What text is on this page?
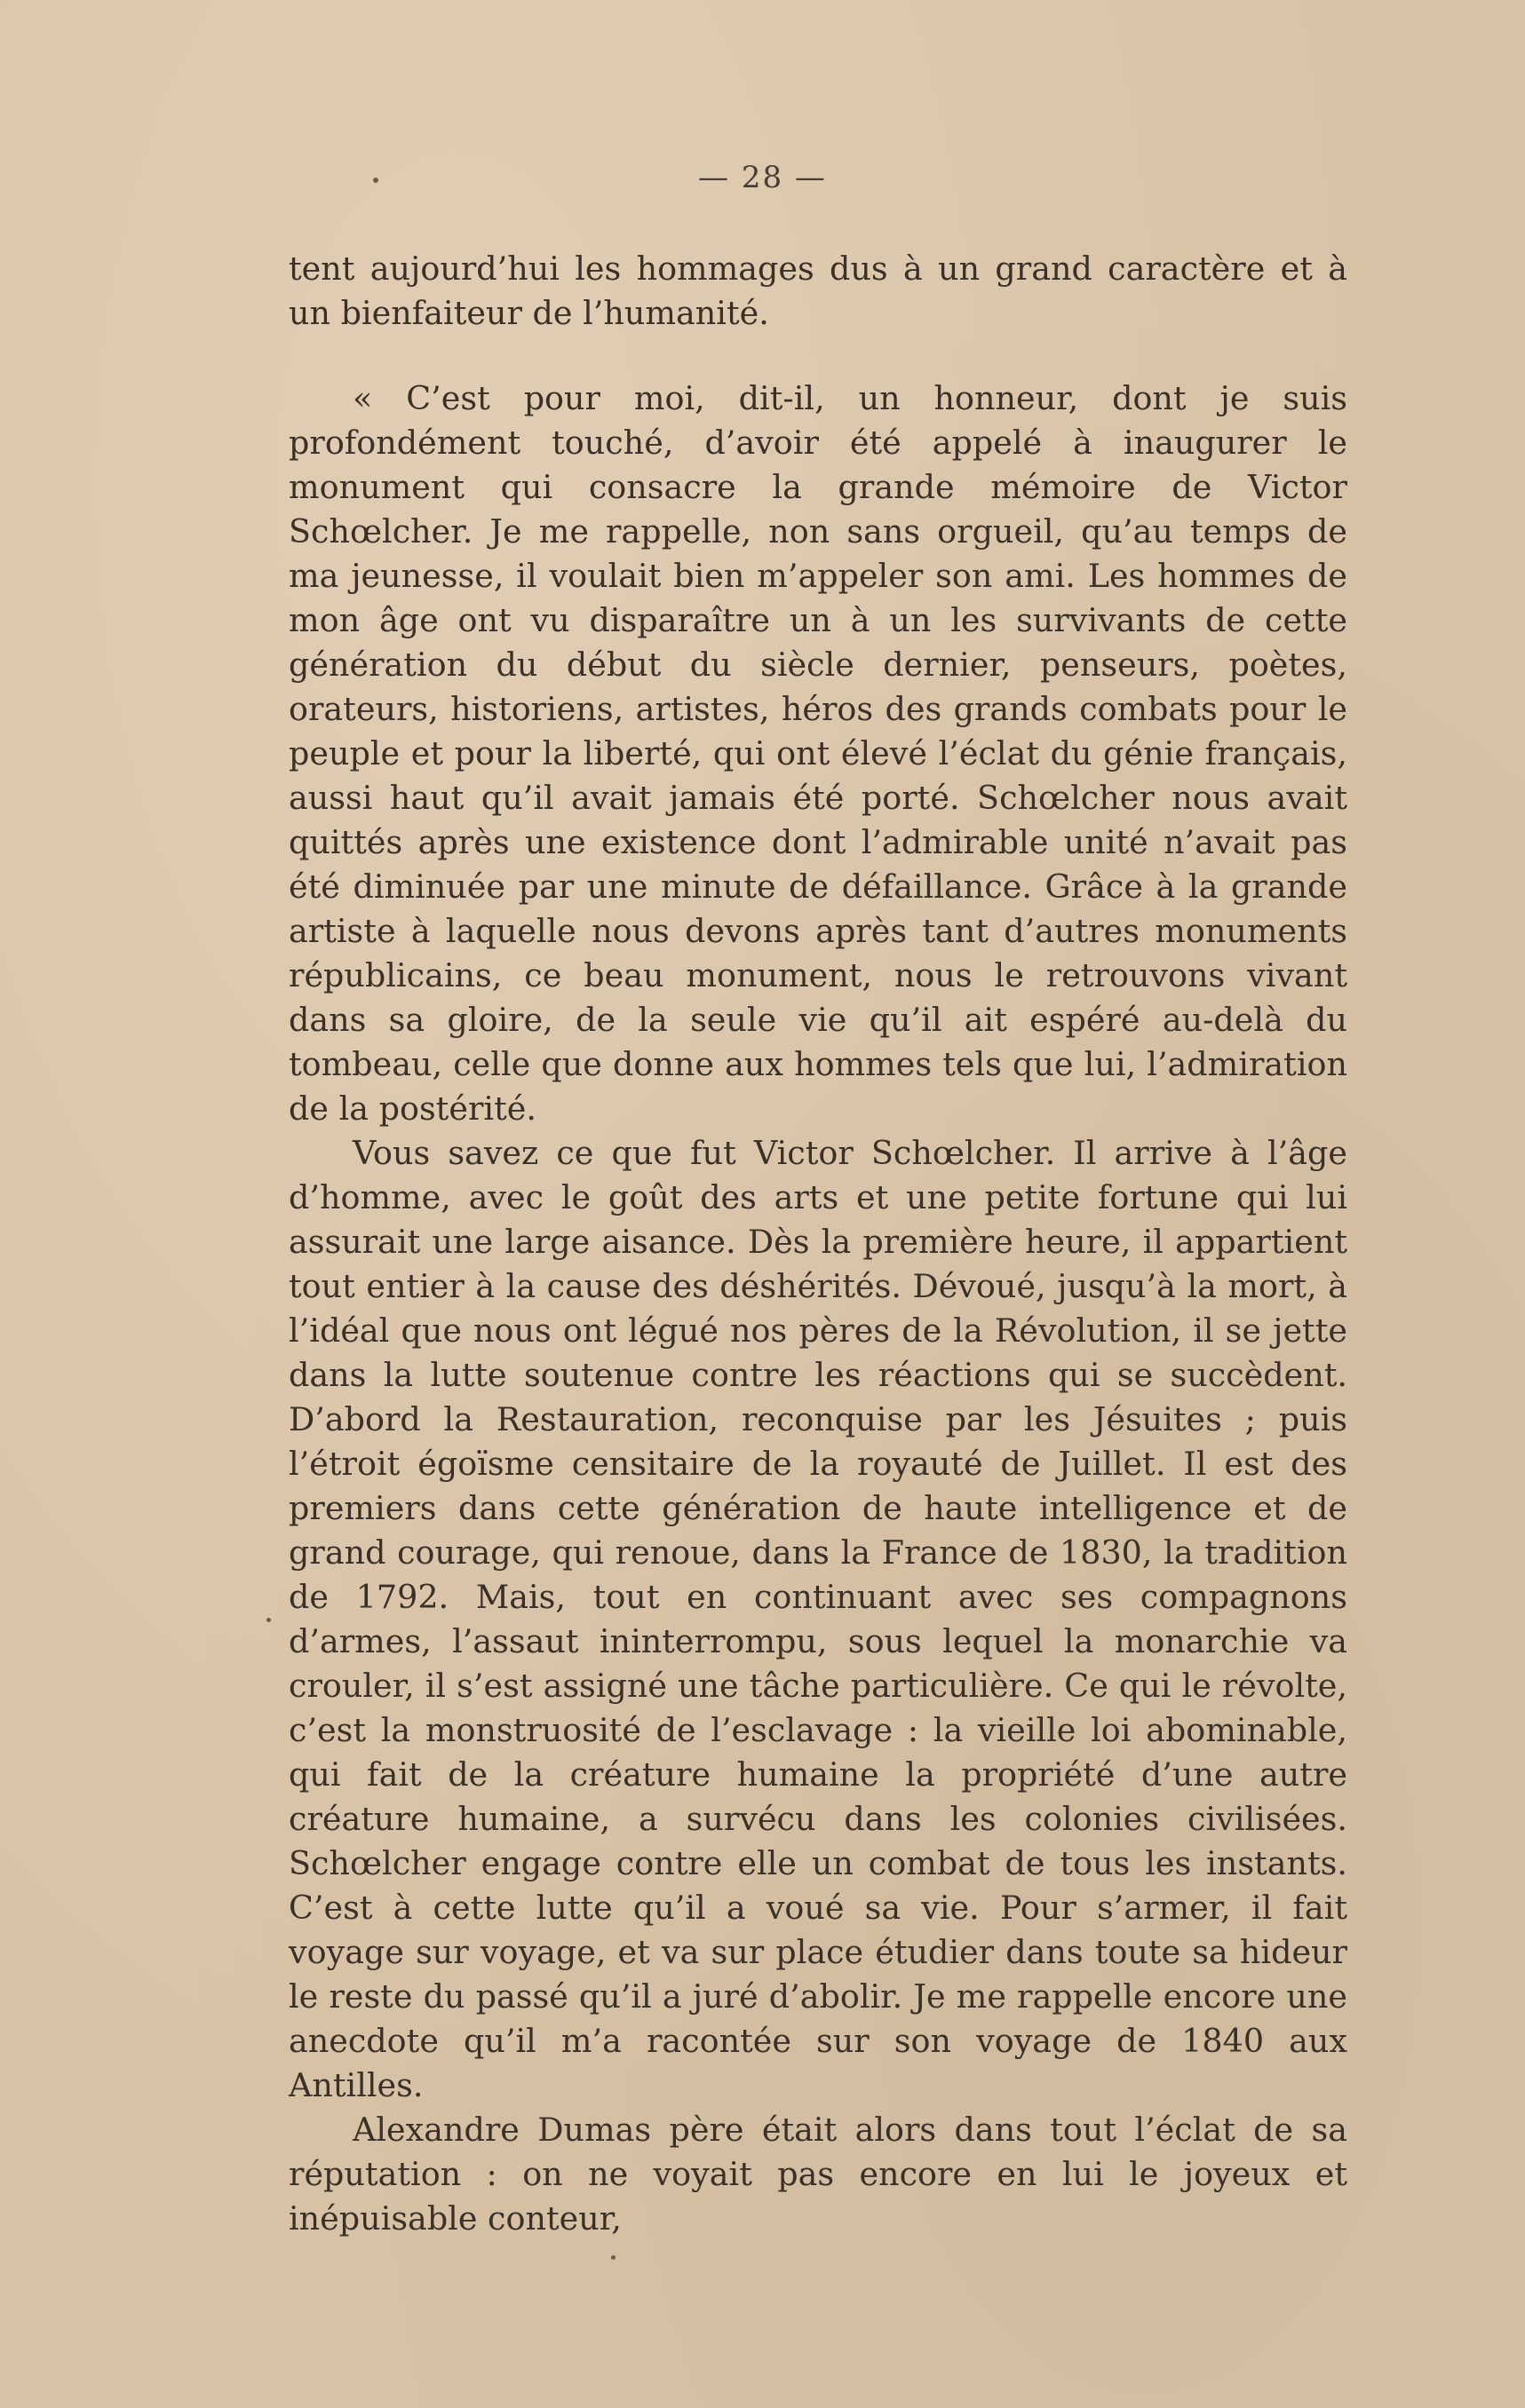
— 28 —

tent aujourd’hui les hommages dus à un grand caractère et à un bienfaiteur de l’humanité.

« C’est pour moi, dit-il, un honneur, dont je suis profondément touché, d’avoir été appelé à inaugurer le monument qui consacre la grande mémoire de Victor Schœlcher. Je me rappelle, non sans orgueil, qu’au temps de ma jeunesse, il voulait bien m’appeler son ami. Les hommes de mon âge ont vu disparaître un à un les survivants de cette génération du début du siècle dernier, penseurs, poètes, orateurs, historiens, artistes, héros des grands combats pour le peuple et pour la liberté, qui ont élevé l’éclat du génie français, aussi haut qu’il avait jamais été porté. Schœlcher nous avait quittés après une existence dont l’admirable unité n’avait pas été diminuée par une minute de défaillance. Grâce à la grande artiste à laquelle nous devons après tant d’autres monuments républicains, ce beau monument, nous le retrouvons vivant dans sa gloire, de la seule vie qu’il ait espéré au-delà du tombeau, celle que donne aux hommes tels que lui, l’admiration de la postérité.

Vous savez ce que fut Victor Schœlcher. Il arrive à l’âge d’homme, avec le goût des arts et une petite fortune qui lui assurait une large aisance. Dès la première heure, il appartient tout entier à la cause des déshérités. Dévoué, jusqu’à la mort, à l’idéal que nous ont légué nos pères de la Révolution, il se jette dans la lutte soutenue contre les réactions qui se succèdent. D’abord la Restauration, reconquise par les Jésuites ; puis l’étroit égoïsme censitaire de la royauté de Juillet. Il est des premiers dans cette génération de haute intelligence et de grand courage, qui renoue, dans la France de 1830, la tradition de 1792. Mais, tout en continuant avec ses compagnons d’armes, l’assaut ininterrompu, sous lequel la monarchie va crouler, il s’est assigné une tâche particulière. Ce qui le révolte, c’est la monstruosité de l’esclavage : la vieille loi abominable, qui fait de la créature humaine la propriété d’une autre créature humaine, a survécu dans les colonies civilisées. Schœlcher engage contre elle un combat de tous les instants. C’est à cette lutte qu’il a voué sa vie. Pour s’armer, il fait voyage sur voyage, et va sur place étudier dans toute sa hideur le reste du passé qu’il a juré d’abolir. Je me rappelle encore une anecdote qu’il m’a racontée sur son voyage de 1840 aux Antilles.

Alexandre Dumas père était alors dans tout l’éclat de sa réputation : on ne voyait pas encore en lui le joyeux et inépuisable conteur,
